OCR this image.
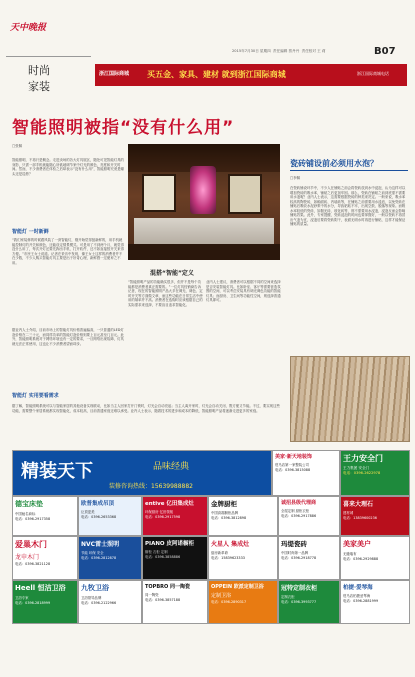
天中晚报
时尚
家装
2015年7月30日 星期四 责任编辑 蔡丹丹 责任校对 王 莉	B07
浙江国际商城 买五金、家具、建材 就到浙江国际商城	浙江国际商城电话
智能照明被指“没有什么用”
□张佩
智能照明，不再只是概念。走进卖场的各大灯具展区，随处可见智能灯具的身影，只需一部手机就能随心所欲地调节家中灯光的颜色、亮度和开关时间。然而，不少消费者在体验之后却表示“没有什么用”，智能照明究竟是噱头还是趋势？
智能灯 一时新鲜
“我们家装修的时候跟风装了一套智能灯，刚开始觉得挺新鲜的，用手机就能控制灯的开关和颜色，还能设定情景模式。可是用了不到两个月，就觉得没什么用了，每次开灯还要先掏出手机、打开软件，还不如直接按开关来得方便。”市民王女士说道。记者在采访中发现，像王女士这样的消费者并不在少数，不少人购买智能灯具主要是出于好奇心理，新鲜感一过便弃之不用。
据业内人士介绍，目前市场上的智能灯具价格普遍偏高，一只普通的LED灯泡价格在二三十元，而同样功率的智能灯泡价格则要上百元甚至几百元。此外，智能照明系统对于网络环境也有一定的要求，一旦网络出现故障，灯具就无法正常使用，这也让不少消费者望而却步。
智能灯 实用要看需求
混搭“智能”定义
“智能照明产品的功能确实很多，但并不是每个功能都是消费者真正需要的。”一位灯具经销商告诉记者，现在的智能照明产品大多在调光、调色、定时开关等方面做文章，而这些功能在日常生活中使用的频率并不高。消费者在选购时应该根据自己的实际需求来选择，不要盲目追求智能化。
业内人士建议，消费者可以根据不同的空间来选择是否安装智能灯具。比如卧室、客厅等需要营造氛围的空间，可以考虑安装具有调光调色功能的智能灯具；而厨房、卫生间等功能性空间，则选择普通灯具即可。
据了解，智能照明系统可以与智能家居的其他设备实现联动，比如当主人回家打开门锁时，灯光会自动亮起；当主人离开家时，灯光会自动关闭，既方便又节能。不过，要实现这些功能，需要整个家居系统都实现智能化，成本较高，目前普通家庭还难以承受。业内人士表示，随着技术的进步和成本的降低，智能照明产品将逐渐走进更多的家庭。
瓷砖铺设前必须用水泡？
□李佩
在瓷砖铺设环节中，不少人在铺贴之前会将瓷砖放到水中浸泡，认为这样可以增加瓷砖的吸水率，铺贴之后更加牢固。那么，瓷砖在铺贴之前到底需不需要用水泡呢？业内人士表示，这需要根据瓷砖的种类来决定。一般来说，吸水率较高的陶瓷砖，如釉面砖、内墙砖等，在铺贴之前需要用水浸泡，以免瓷砖在铺贴后吸收水泥砂浆中的水分，导致粘贴不牢，出现空鼓、脱落等现象。而吸水率较低的瓷砖，如抛光砖、玻化砖等，则不需要用水浸泡，浸泡反而会影响铺贴效果。此外，专家提醒，瓷砖浸泡的时间也要掌握好，一般以瓷砖不再冒出气泡为宜，浸泡后要将瓷砖阴干，表面无明水时再进行铺贴，这样才能保证铺贴的质量。
精装天下	品味经典
装修咨询热线：15639988882
美家·新天地装饰
驻马店第一家整装公司
电话：0396-3815088
王力安全门
王力集团 安全门
电话：0396-2622978
德宝床垫
中国驰名商标
电话：0396-2917358
欧普集成吊顶
让顶更美
电话：0396-2653368
entive 亿田集成灶
环保厨房 亿田领航
电话：0396-2917598
金牌厨柜
中国高端橱柜品牌
电话：0396-3812898
诚招县级代理商
全屋定制 厨柜衣柜
电话：0396-2917886
喜来大理石
建材城
电话：13839600236
爱巢木门
龙申木门
电话：0396-3821128
NVC雷士照明
节能 环保 安全
电话：0396-2812878
PIANO 皮阿诺橱柜
橱柜 衣柜 定制
电话：0396-3858886
火星人 集成灶
厨房新革命
电话：15839623333
玛缇瓷砖
中国时尚第一品牌
电话：0396-2918778
美家美户
无缝墙布
电话：0396-2929888
Heell 恒洁卫浴
卫浴专家
电话：0396-2818999
九牧卫浴
卫浴领导品牌
电话：0396-2122966
TOPBRO 同一陶瓷
同一陶瓷
电话：0396-3857188
OPPEIN 欧派定制卫浴
定制卫浴
电话：0396-2890317
冠特定制衣柜
定制衣柜
电话：0396-3993777
柏捷·爱琴海
驻马店柏捷爱琴海
电话：0396-2881999
